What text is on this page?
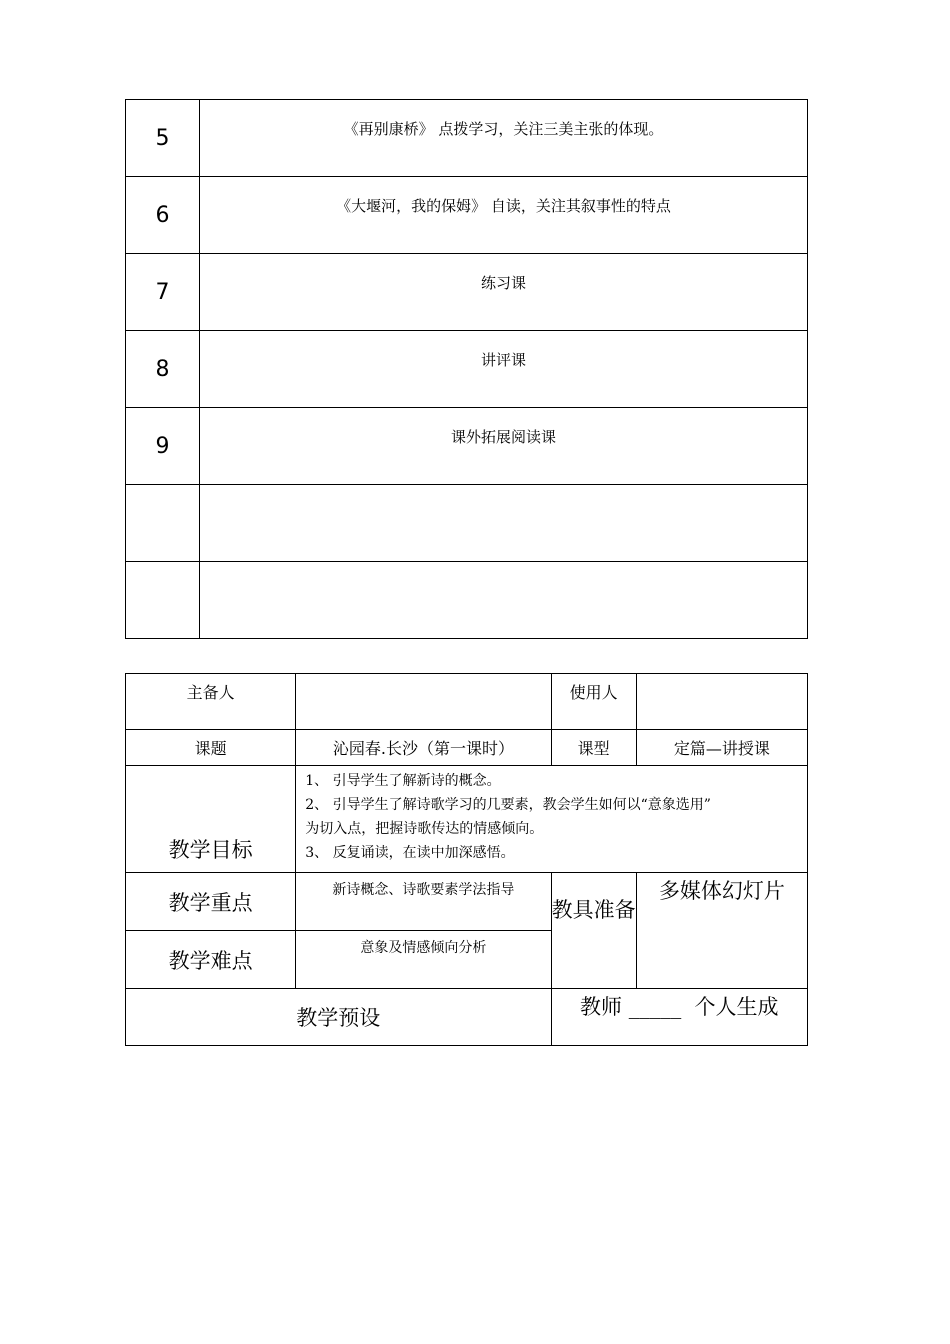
5	《再别康桥》 点拨学习，关注三美主张的体现。

6	《大堰河，我的保姆》 自读，关注其叙事性的特点

7	练习课

8	讲评课

9	课外拓展阅读课

主备人		使用人	

课题	沁园春.长沙（第一课时）	课型	定篇—讲授课
教学目标	1、 引导学生了解新诗的概念。
2、 引导学生了解诗歌学习的几要素，教会学生如何以“意象选用”
为切入点，把握诗歌传达的情感倾向。
3、 反复诵读，在读中加深感悟。		

教学重点	新诗概念、诗歌要素学法指导	教具准备	多媒体幻灯片
教学难点	意象及情感倾向分析		
教学预设		教师 _____  个人生成	
